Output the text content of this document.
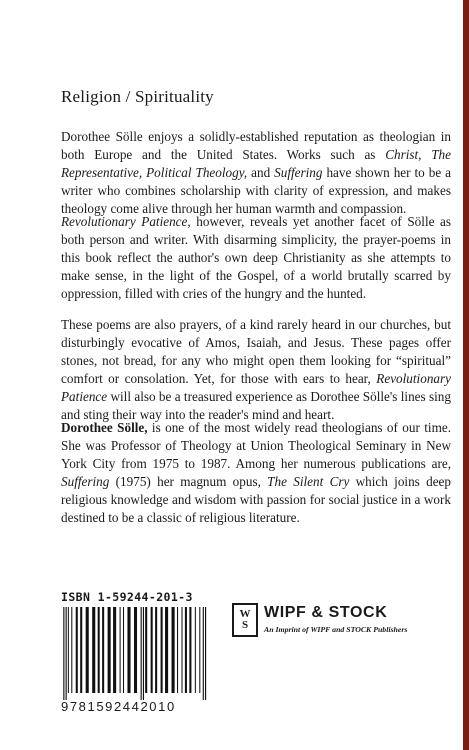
Religion / Spirituality

Dorothee Sölle enjoys a solidly-established reputation as theologian in both Europe and the United States. Works such as Christ, The Representative, Political Theology, and Suffering have shown her to be a writer who combines scholarship with clarity of expression, and makes theology come alive through her human warmth and compassion.

Revolutionary Patience, however, reveals yet another facet of Sölle as both person and writer. With disarming simplicity, the prayer-poems in this book reflect the author's own deep Christianity as she attempts to make sense, in the light of the Gospel, of a world brutally scarred by oppression, filled with cries of the hungry and the hunted.

These poems are also prayers, of a kind rarely heard in our churches, but disturbingly evocative of Amos, Isaiah, and Jesus. These pages offer stones, not bread, for any who might open them looking for “spiritual” comfort or consolation. Yet, for those with ears to hear, Revolutionary Patience will also be a treasured experience as Dorothee Sölle's lines sing and sting their way into the reader's mind and heart.

Dorothee Sölle, is one of the most widely read theologians of our time. She was Professor of Theology at Union Theological Seminary in New York City from 1975 to 1987. Among her numerous publications are, Suffering (1975) her magnum opus, The Silent Cry which joins deep religious knowledge and wisdom with passion for social justice in a work destined to be a classic of religious literature.

ISBN 1-59244-201-3
9781592442010
W
S
WIPF & STOCK
An Imprint of WIPF and STOCK Publishers
